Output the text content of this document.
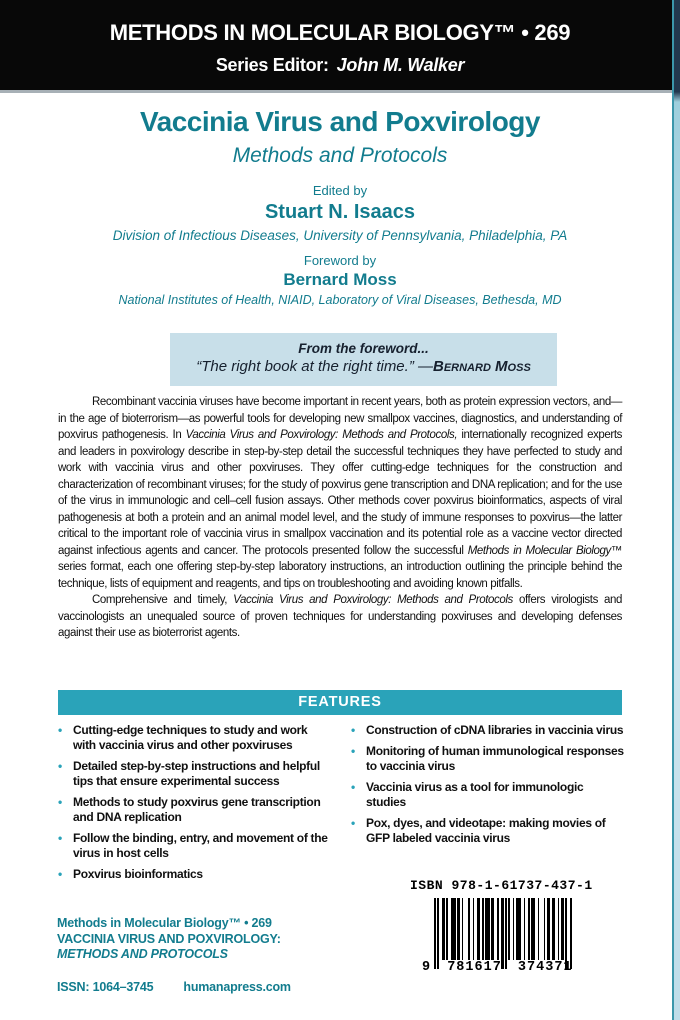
METHODS IN MOLECULAR BIOLOGY™ • 269
Series Editor: John M. Walker
Vaccinia Virus and Poxvirology
Methods and Protocols
Edited by
Stuart N. Isaacs
Division of Infectious Diseases, University of Pennsylvania, Philadelphia, PA
Foreword by
Bernard Moss
National Institutes of Health, NIAID, Laboratory of Viral Diseases, Bethesda, MD
From the foreword...
“The right book at the right time.” —Bernard Moss

Recombinant vaccinia viruses have become important in recent years, both as protein expression vectors, and—in the age of bioterrorism—as powerful tools for developing new smallpox vaccines, diagnostics, and understanding of poxvirus pathogenesis. In Vaccinia Virus and Poxvirology: Methods and Protocols, internationally recognized experts and leaders in poxvirology describe in step-by-step detail the successful techniques they have perfected to study and work with vaccinia virus and other poxviruses. They offer cutting-edge techniques for the construction and characterization of recombinant viruses; for the study of poxvirus gene transcription and DNA replication; and for the use of the virus in immunologic and cell–cell fusion assays. Other methods cover poxvirus bioinformatics, aspects of viral pathogenesis at both a protein and an animal model level, and the study of immune responses to poxvirus—the latter critical to the important role of vaccinia virus in smallpox vaccination and its potential role as a vaccine vector directed against infectious agents and cancer. The protocols presented follow the successful Methods in Molecular Biology™ series format, each one offering step-by-step laboratory instructions, an introduction outlining the principle behind the technique, lists of equipment and reagents, and tips on troubleshooting and avoiding known pitfalls.

Comprehensive and timely, Vaccinia Virus and Poxvirology: Methods and Protocols offers virologists and vaccinologists an unequaled source of proven techniques for understanding poxviruses and developing defenses against their use as bioterrorist agents.

FEATURES
• Cutting-edge techniques to study and work with vaccinia virus and other poxviruses
• Detailed step-by-step instructions and helpful tips that ensure experimental success
• Methods to study poxvirus gene transcription and DNA replication
• Follow the binding, entry, and movement of the virus in host cells
• Poxvirus bioinformatics
• Construction of cDNA libraries in vaccinia virus
• Monitoring of human immunological responses to vaccinia virus
• Vaccinia virus as a tool for immunologic studies
• Pox, dyes, and videotape: making movies of GFP labeled vaccinia virus
Methods in Molecular Biology™ • 269
VACCINIA VIRUS AND POXVIROLOGY:
METHODS AND PROTOCOLS
ISSN: 1064–3745 humanapress.com
ISBN 978-1-61737-437-1
9 781617 374371
